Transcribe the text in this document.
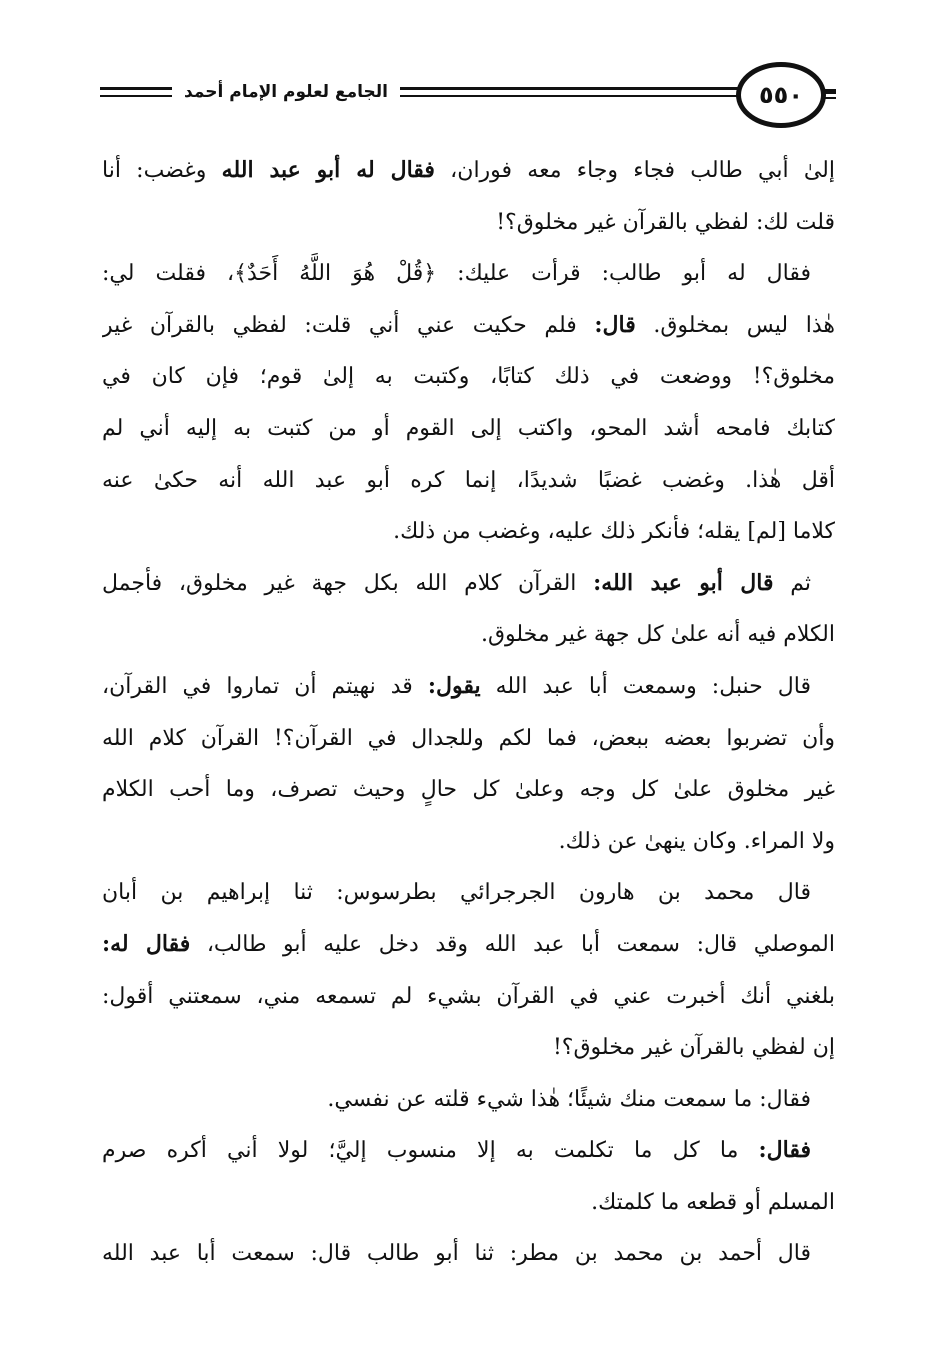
الجامع لعلوم الإمام أحمد	٥٥٠
إلىٰ أبي طالب فجاء وجاء معه فوران، فقال له أبو عبد الله وغضب: أنا
قلت لك: لفظي بالقرآن غير مخلوق؟!
فقال له أبو طالب: قرأت عليك: ﴿قُلْ هُوَ اللَّهُ أَحَدٌ﴾، فقلت لي:
هٰذا ليس بمخلوق. قال: فلم حكيت عني أني قلت: لفظي بالقرآن غير
مخلوق؟! ووضعت في ذلك كتابًا، وكتبت به إلىٰ قوم؛ فإن كان في
كتابك فامحه أشد المحو، واكتب إلى القوم أو من كتبت به إليه أني لم
أقل هٰذا. وغضب غضبًا شديدًا، إنما كره أبو عبد الله أنه حكىٰ عنه
كلاما [لم] يقله؛ فأنكر ذلك عليه، وغضب من ذلك.
ثم قال أبو عبد الله: القرآن كلام الله بكل جهة غير مخلوق، فأجمل
الكلام فيه أنه علىٰ كل جهة غير مخلوق.
قال حنبل: وسمعت أبا عبد الله يقول: قد نهيتم أن تماروا في القرآن،
وأن تضربوا بعضه ببعض، فما لكم وللجدال في القرآن؟! القرآن كلام الله
غير مخلوق علىٰ كل وجه وعلىٰ كل حالٍ وحيث تصرف، وما أحب الكلام
ولا المراء. وكان ينهىٰ عن ذلك.
قال محمد بن هارون الجرجرائي بطرسوس: ثنا إبراهيم بن أبان
الموصلي قال: سمعت أبا عبد الله وقد دخل عليه أبو طالب، فقال له:
بلغني أنك أخبرت عني في القرآن بشيء لم تسمعه مني، سمعتني أقول:
إن لفظي بالقرآن غير مخلوق؟!
فقال: ما سمعت منك شيئًا؛ هٰذا شيء قلته عن نفسي.
فقال: ما كل ما تكلمت به إلا منسوب إليَّ؛ لولا أني أكره صرم
المسلم أو قطعه ما كلمتك.
قال أحمد بن محمد بن مطر: ثنا أبو طالب قال: سمعت أبا عبد الله
